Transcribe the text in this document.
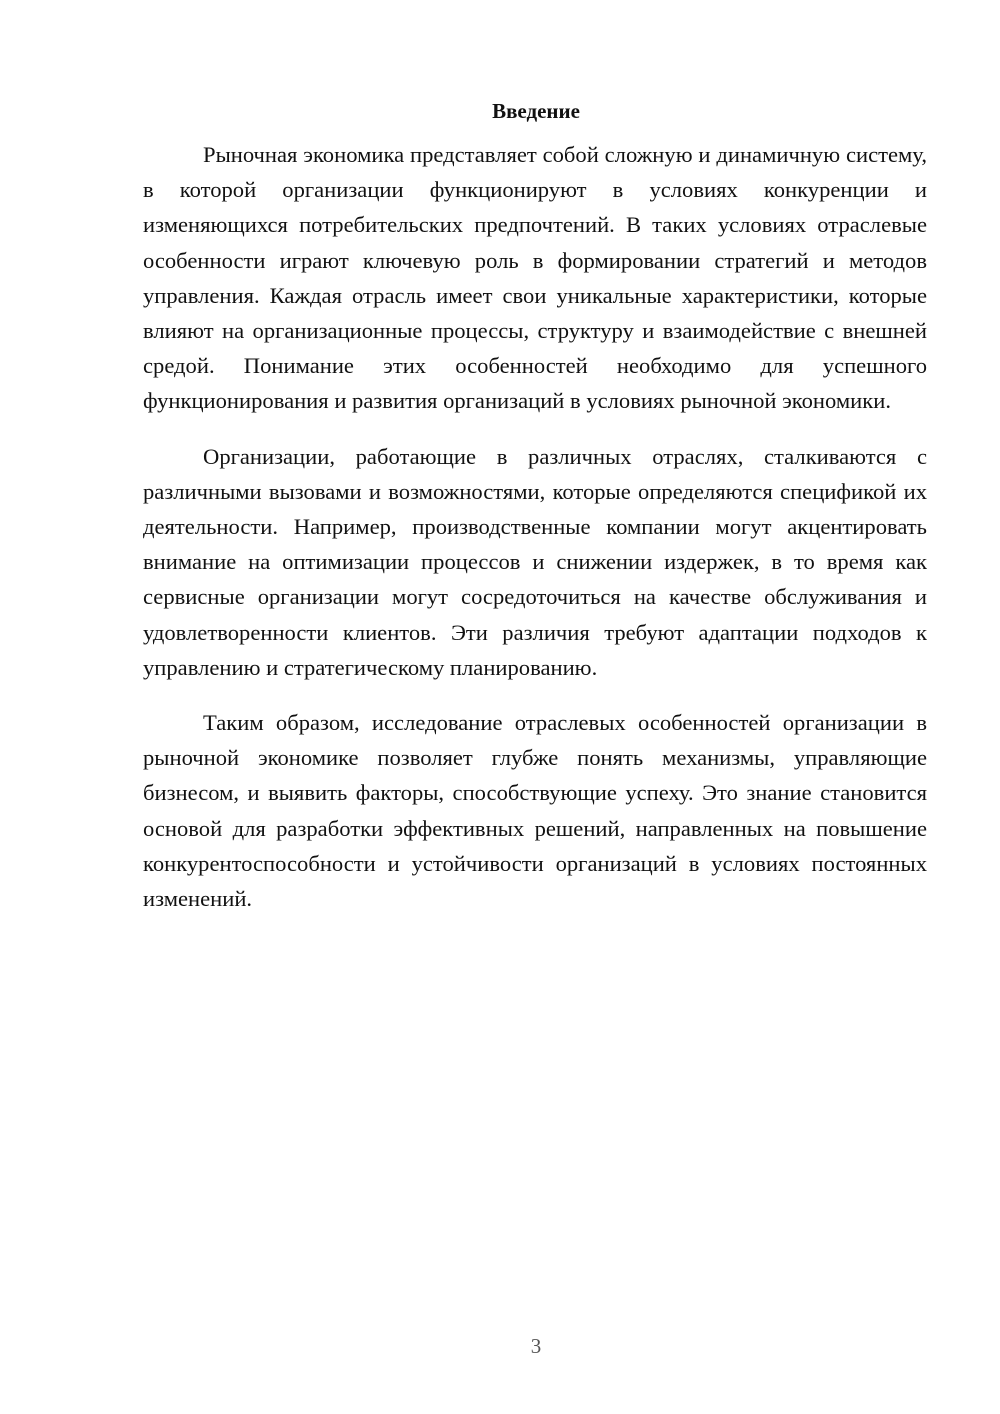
Введение

Рыночная экономика представляет собой сложную и динамичную систему, в которой организации функционируют в условиях конкуренции и изменяющихся потребительских предпочтений. В таких условиях отраслевые особенности играют ключевую роль в формировании стратегий и методов управления. Каждая отрасль имеет свои уникальные характеристики, которые влияют на организационные процессы, структуру и взаимодействие с внешней средой. Понимание этих особенностей необходимо для успешного функционирования и развития организаций в условиях рыночной экономики.

Организации, работающие в различных отраслях, сталкиваются с различными вызовами и возможностями, которые определяются спецификой их деятельности. Например, производственные компании могут акцентировать внимание на оптимизации процессов и снижении издержек, в то время как сервисные организации могут сосредоточиться на качестве обслуживания и удовлетворенности клиентов. Эти различия требуют адаптации подходов к управлению и стратегическому планированию.

Таким образом, исследование отраслевых особенностей организации в рыночной экономике позволяет глубже понять механизмы, управляющие бизнесом, и выявить факторы, способствующие успеху. Это знание становится основой для разработки эффективных решений, направленных на повышение конкурентоспособности и устойчивости организаций в условиях постоянных изменений.

3
